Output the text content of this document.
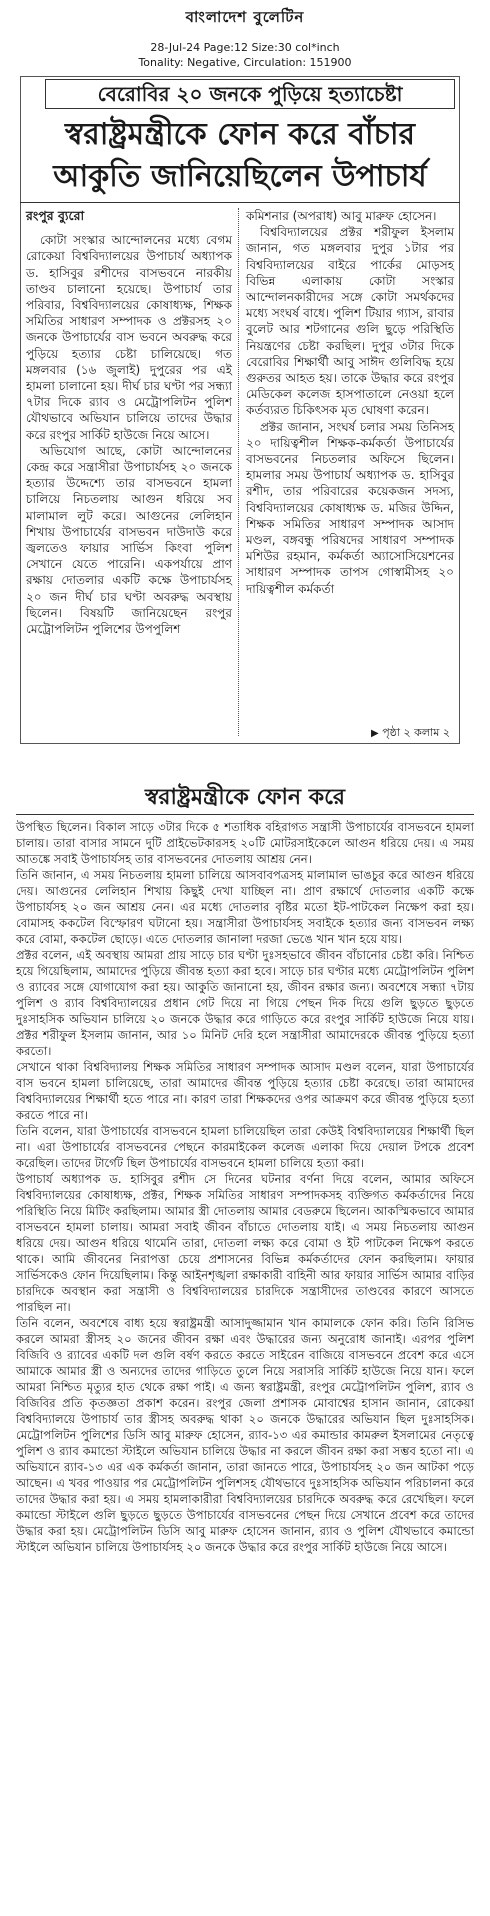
বাংলাদেশ বুলেটিন
28-Jul-24 Page:12 Size:30 col*inch
Tonality: Negative, Circulation: 151900
বেরোবির ২০ জনকে পুড়িয়ে হত্যাচেষ্টা
স্বরাষ্ট্রমন্ত্রীকে ফোন করে বাঁচার আকুতি জানিয়েছিলেন উপাচার্য
রংপুর ব্যুরো

কোটা সংস্কার আন্দোলনের মধ্যে বেগম রোকেয়া বিশ্ববিদ্যালয়ের উপাচার্য অধ্যাপক ড. হাসিবুর রশীদের বাসভবনে নারকীয় তাণ্ডব চালানো হয়েছে। উপাচার্য তার পরিবার, বিশ্ববিদ্যালয়ের কোষাধ্যক্ষ, শিক্ষক সমিতির সাধারণ সম্পাদক ও প্রক্টরসহ ২০ জনকে উপাচার্যের বাস ভবনে অবরুদ্ধ করে পুড়িয়ে হত্যার চেষ্টা চালিয়েছে। গত মঙ্গলবার (১৬ জুলাই) দুপুরের পর এই হামলা চালানো হয়। দীর্ঘ চার ঘণ্টা পর সন্ধ্যা ৭টার দিকে র‍্যাব ও মেট্রোপলিটন পুলিশ যৌথভাবে অভিযান চালিয়ে তাদের উদ্ধার করে রংপুর সার্কিট হাউজে নিয়ে আসে।

অভিযোগ আছে, কোটা আন্দোলনের কেন্দ্র করে সন্ত্রাসীরা উপাচার্যসহ ২০ জনকে হত্যার উদ্দেশ্যে তার বাসভবনে হামলা চালিয়ে নিচতলায় আগুন ধরিয়ে সব মালামাল লুট করে। আগুনের লেলিহান শিখায় উপাচার্যের বাসভবন দাউদাউ করে জ্বলতেও ফায়ার সার্ভিস কিংবা পুলিশ সেখানে যেতে পারেনি। একপর্যায়ে প্রাণ রক্ষায় দোতলার একটি কক্ষে উপাচার্যসহ ২০ জন দীর্ঘ চার ঘণ্টা অবরুদ্ধ অবস্থায় ছিলেন। বিষয়টি জানিয়েছেন রংপুর মেট্রোপলিটন পুলিশের উপপুলিশ

কমিশনার (অপরাধ) আবু মারুফ হোসেন।

বিশ্ববিদ্যালয়ের প্রক্টর শরীফুল ইসলাম জানান, গত মঙ্গলবার দুপুর ১টার পর বিশ্ববিদ্যালয়ের বাইরে পার্কের মোড়সহ বিভিন্ন এলাকায় কোটা সংস্কার আন্দোলনকারীদের সঙ্গে কোটা সমর্থকদের মধ্যে সংঘর্ষ বাধে। পুলিশ টিয়ার গ্যাস, রাবার বুলেট আর শটগানের গুলি ছুড়ে পরিস্থিতি নিয়ন্ত্রণের চেষ্টা করছিল। দুপুর ৩টার দিকে বেরোবির শিক্ষার্থী আবু সাঈদ গুলিবিদ্ধ হয়ে গুরুতর আহত হয়। তাকে উদ্ধার করে রংপুর মেডিকেল কলেজ হাসপাতালে নেওয়া হলে কর্তব্যরত চিকিৎসক মৃত ঘোষণা করেন।

প্রক্টর জানান, সংঘর্ষ চলার সময় তিনিসহ ২০ দায়িত্বশীল শিক্ষক-কর্মকর্তা উপাচার্যের বাসভবনের নিচতলার অফিসে ছিলেন। হামলার সময় উপাচার্য অধ্যাপক ড. হাসিবুর রশীদ, তার পরিবারের কয়েকজন সদস্য, বিশ্ববিদ্যালয়ের কোষাধ্যক্ষ ড. মজির উদ্দিন, শিক্ষক সমিতির সাধারণ সম্পাদক আসাদ মণ্ডল, বঙ্গবন্ধু পরিষদের সাধারণ সম্পাদক মশিউর রহমান, কর্মকর্তা অ্যাসোসিয়েশনের সাধারণ সম্পাদক তাপস গোস্বামীসহ ২০ দায়িত্বশীল কর্মকর্তা

▶ পৃষ্ঠা ২ কলাম ২
স্বরাষ্ট্রমন্ত্রীকে ফোন করে

উপস্থিত ছিলেন। বিকাল সাড়ে ৩টার দিকে ৫ শতাধিক বহিরাগত সন্ত্রাসী উপাচার্যের বাসভবনে হামলা চালায়। তারা বাসার সামনে দুটি প্রাইভেটকারসহ ২০টি মোটরসাইকেলে আগুন ধরিয়ে দেয়। এ সময় আতঙ্কে সবাই উপাচার্যসহ তার বাসভবনের দোতলায় আশ্রয় নেন।

তিনি জানান, এ সময় নিচতলায় হামলা চালিয়ে আসবাবপত্রসহ মালামাল ভাঙচুর করে আগুন ধরিয়ে দেয়। আগুনের লেলিহান শিখায় কিছুই দেখা যাচ্ছিল না। প্রাণ রক্ষার্থে দোতলার একটি কক্ষে উপাচার্যসহ ২০ জন আশ্রয় নেন। এর মধ্যে দোতলার বৃষ্টির মতো ইট-পাটকেল নিক্ষেপ করা হয়। বোমাসহ ককটেল বিস্ফোরণ ঘটানো হয়। সন্ত্রাসীরা উপাচার্যসহ সবাইকে হত্যার জন্য বাসভবন লক্ষ্য করে বোমা, ককটেল ছোড়ে। এতে দোতলার জানালা দরজা ভেঙে খান খান হয়ে যায়।

প্রক্টর বলেন, এই অবস্থায় আমরা প্রায় সাড়ে চার ঘণ্টা দুঃসহভাবে জীবন বাঁচানোর চেষ্টা করি। নিশ্চিত হয়ে গিয়েছিলাম, আমাদের পুড়িয়ে জীবন্ত হত্যা করা হবে। সাড়ে চার ঘণ্টার মধ্যে মেট্রোপলিটন পুলিশ ও র‍্যাবের সঙ্গে যোগাযোগ করা হয়। আকুতি জানানো হয়, জীবন রক্ষার জন্য। অবশেষে সন্ধ্যা ৭টায় পুলিশ ও র‍্যাব বিশ্ববিদ্যালয়ের প্রধান গেট দিয়ে না গিয়ে পেছন দিক দিয়ে গুলি ছুড়তে ছুড়তে দুঃসাহসিক অভিযান চালিয়ে ২০ জনকে উদ্ধার করে গাড়িতে করে রংপুর সার্কিট হাউজে নিয়ে যায়। প্রক্টর শরীফুল ইসলাম জানান, আর ১০ মিনিট দেরি হলে সন্ত্রাসীরা আমাদেরকে জীবন্ত পুড়িয়ে হত্যা করতো।

সেখানে থাকা বিশ্ববিদ্যালয় শিক্ষক সমিতির সাধারণ সম্পাদক আসাদ মণ্ডল বলেন, যারা উপাচার্যের বাস ভবনে হামলা চালিয়েছে, তারা আমাদের জীবন্ত পুড়িয়ে হত্যার চেষ্টা করেছে। তারা আমাদের বিশ্ববিদ্যালয়ের শিক্ষার্থী হতে পারে না। কারণ তারা শিক্ষকদের ওপর আক্রমণ করে জীবন্ত পুড়িয়ে হত্যা করতে পারে না।

তিনি বলেন, যারা উপাচার্যের বাসভবনে হামলা চালিয়েছিল তারা কেউই বিশ্ববিদ্যালয়ের শিক্ষার্থী ছিল না। এরা উপাচার্যের বাসভবনের পেছনে কারমাইকেল কলেজ এলাকা দিয়ে দেয়াল টপকে প্রবেশ করেছিল। তাদের টার্গেট ছিল উপাচার্যের বাসভবনে হামলা চালিয়ে হত্যা করা।

উপাচার্য অধ্যাপক ড. হাসিবুর রশীদ সে দিনের ঘটনার বর্ণনা দিয়ে বলেন, আমার অফিসে বিশ্ববিদ্যালয়ের কোষাধ্যক্ষ, প্রক্টর, শিক্ষক সমিতির সাধারণ সম্পাদকসহ ব্যক্তিগত কর্মকর্তাদের নিয়ে পরিস্থিতি নিয়ে মিটিং করছিলাম। আমার স্ত্রী দোতলায় আমার বেডরুমে ছিলেন। আকস্মিকভাবে আমার বাসভবনে হামলা চালায়। আমরা সবাই জীবন বাঁচাতে দোতলায় যাই। এ সময় নিচতলায় আগুন ধরিয়ে দেয়। আগুন ধরিয়ে থামেনি তারা, দোতলা লক্ষ্য করে বোমা ও ইট পাটকেল নিক্ষেপ করতে থাকে। আমি জীবনের নিরাপত্তা চেয়ে প্রশাসনের বিভিন্ন কর্মকর্তাদের ফোন করছিলাম। ফায়ার সার্ভিসকেও ফোন দিয়েছিলাম। কিন্তু আইনশৃঙ্খলা রক্ষাকারী বাহিনী আর ফায়ার সার্ভিস আমার বাড়ির চারদিকে অবস্থান করা সন্ত্রাসী ও বিশ্ববিদ্যালয়ের চারদিকে সন্ত্রাসীদের তাণ্ডবের কারণে আসতে পারছিল না।

তিনি বলেন, অবশেষে বাধ্য হয়ে স্বরাষ্ট্রমন্ত্রী আসাদুজ্জামান খান কামালকে ফোন করি। তিনি রিসিভ করলে আমরা স্ত্রীসহ ২০ জনের জীবন রক্ষা এবং উদ্ধারের জন্য অনুরোধ জানাই। এরপর পুলিশ বিজিবি ও র‍্যাবের একটি দল গুলি বর্ষণ করতে করতে সাইরেন বাজিয়ে বাসভবনে প্রবেশ করে এসে আমাকে আমার স্ত্রী ও অন্যদের তাদের গাড়িতে তুলে নিয়ে সরাসরি সার্কিট হাউজে নিয়ে যান। ফলে আমরা নিশ্চিত মৃত্যুর হাত থেকে রক্ষা পাই। এ জন্য স্বরাষ্ট্রমন্ত্রী, রংপুর মেট্রোপলিটন পুলিশ, র‍্যাব ও বিজিবির প্রতি কৃতজ্ঞতা প্রকাশ করেন। রংপুর জেলা প্রশাসক মোবাশ্বের হাসান জানান, রোকেয়া বিশ্ববিদ্যালয়ে উপাচার্য তার স্ত্রীসহ অবরুদ্ধ থাকা ২০ জনকে উদ্ধারের অভিযান ছিল দুঃসাহসিক। মেট্রোপলিটন পুলিশের ডিসি আবু মারুফ হোসেন, র‍্যাব-১৩ এর কমান্ডার কামরুল ইসলামের নেতৃত্বে পুলিশ ও র‍্যাব কমান্ডো স্টাইলে অভিযান চালিয়ে উদ্ধার না করলে জীবন রক্ষা করা সম্ভব হতো না। এ অভিযানে র‍্যাব-১৩ এর এক কর্মকর্তা জানান, তারা জানতে পারে, উপাচার্যসহ ২০ জন আটকা পড়ে আছেন। এ খবর পাওয়ার পর মেট্রোপলিটন পুলিশসহ যৌথভাবে দুঃসাহসিক অভিযান পরিচালনা করে তাদের উদ্ধার করা হয়। এ সময় হামলাকারীরা বিশ্ববিদ্যালয়ের চারদিকে অবরুদ্ধ করে রেখেছিল। ফলে কমান্ডো স্টাইলে গুলি ছুড়তে ছুড়তে উপাচার্যের বাসভবনের পেছন দিয়ে সেখানে প্রবেশ করে তাদের উদ্ধার করা হয়। মেট্রোপলিটন ডিসি আবু মারুফ হোসেন জানান, র‍্যাব ও পুলিশ যৌথভাবে কমান্ডো স্টাইলে অভিযান চালিয়ে উপাচার্যসহ ২০ জনকে উদ্ধার করে রংপুর সার্কিট হাউজে নিয়ে আসে।
